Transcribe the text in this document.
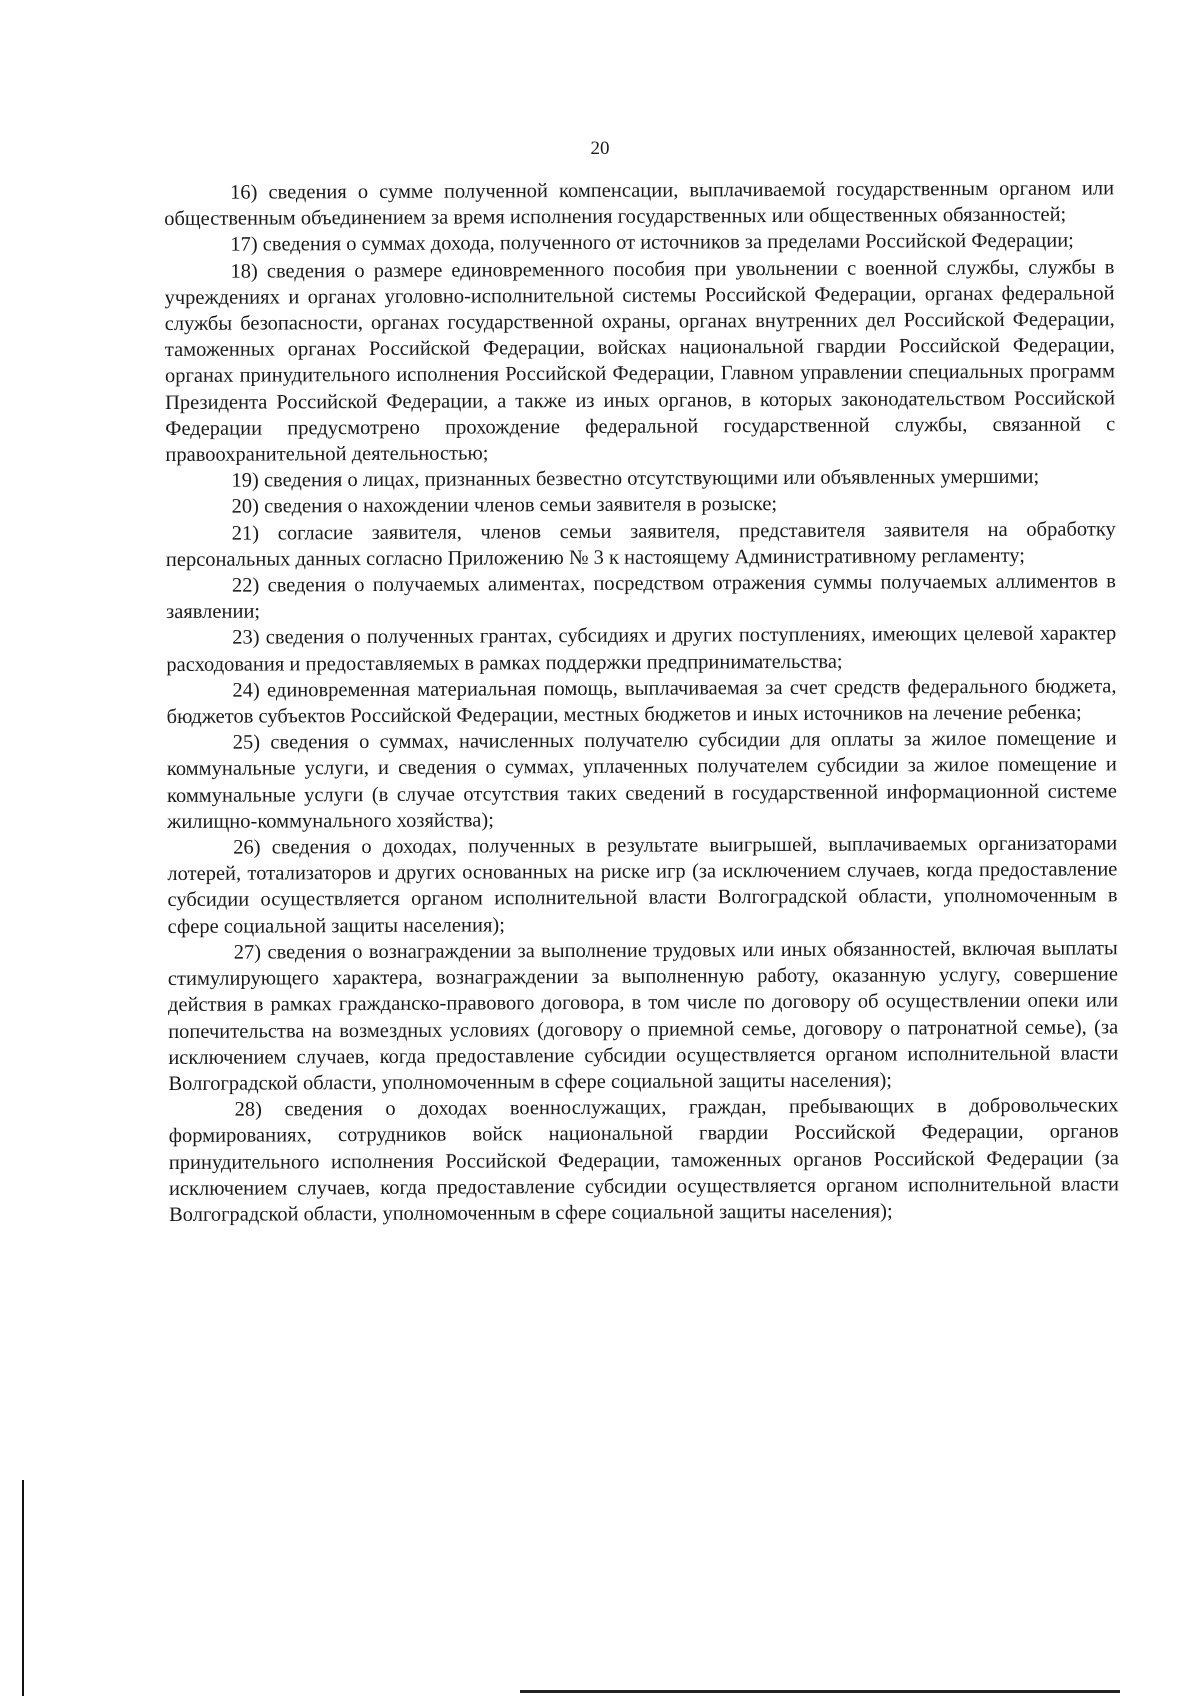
20

16) сведения о сумме полученной компенсации, выплачиваемой государственным органом или общественным объединением за время исполнения государственных или общественных обязанностей;

17) сведения о суммах дохода, полученного от источников за пределами Российской Федерации;

18) сведения о размере единовременного пособия при увольнении с военной службы, службы в учреждениях и органах уголовно-исполнительной системы Российской Федерации, органах федеральной службы безопасности, органах государственной охраны, органах внутренних дел Российской Федерации, таможенных органах Российской Федерации, войсках национальной гвардии Российской Федерации, органах принудительного исполнения Российской Федерации, Главном управлении специальных программ Президента Российской Федерации, а также из иных органов, в которых законодательством Российской Федерации предусмотрено прохождение федеральной государственной службы, связанной с правоохранительной деятельностью;

19) сведения о лицах, признанных безвестно отсутствующими или объявленных умершими;

20) сведения о нахождении членов семьи заявителя в розыске;

21) согласие заявителя, членов семьи заявителя, представителя заявителя на обработку персональных данных согласно Приложению № 3 к настоящему Административному регламенту;

22) сведения о получаемых алиментах, посредством отражения суммы получаемых аллиментов в заявлении;

23) сведения о полученных грантах, субсидиях и других поступлениях, имеющих целевой характер расходования и предоставляемых в рамках поддержки предпринимательства;

24) единовременная материальная помощь, выплачиваемая за счет средств федерального бюджета, бюджетов субъектов Российской Федерации, местных бюджетов и иных источников на лечение ребенка;

25) сведения о суммах, начисленных получателю субсидии для оплаты за жилое помещение и коммунальные услуги, и сведения о суммах, уплаченных получателем субсидии за жилое помещение и коммунальные услуги (в случае отсутствия таких сведений в государственной информационной системе жилищно-коммунального хозяйства);

26) сведения о доходах, полученных в результате выигрышей, выплачиваемых организаторами лотерей, тотализаторов и других основанных на риске игр (за исключением случаев, когда предоставление субсидии осуществляется органом исполнительной власти Волгоградской области, уполномоченным в сфере социальной защиты населения);

27) сведения о вознаграждении за выполнение трудовых или иных обязанностей, включая выплаты стимулирующего характера, вознаграждении за выполненную работу, оказанную услугу, совершение действия в рамках гражданско-правового договора, в том числе по договору об осуществлении опеки или попечительства на возмездных условиях (договору о приемной семье, договору о патронатной семье), (за исключением случаев, когда предоставление субсидии осуществляется органом исполнительной власти Волгоградской области, уполномоченным в сфере социальной защиты населения);

28) сведения о доходах военнослужащих, граждан, пребывающих в добровольческих формированиях, сотрудников войск национальной гвардии Российской Федерации, органов принудительного исполнения Российской Федерации, таможенных органов Российской Федерации (за исключением случаев, когда предоставление субсидии осуществляется органом исполнительной власти Волгоградской области, уполномоченным в сфере социальной защиты населения);
